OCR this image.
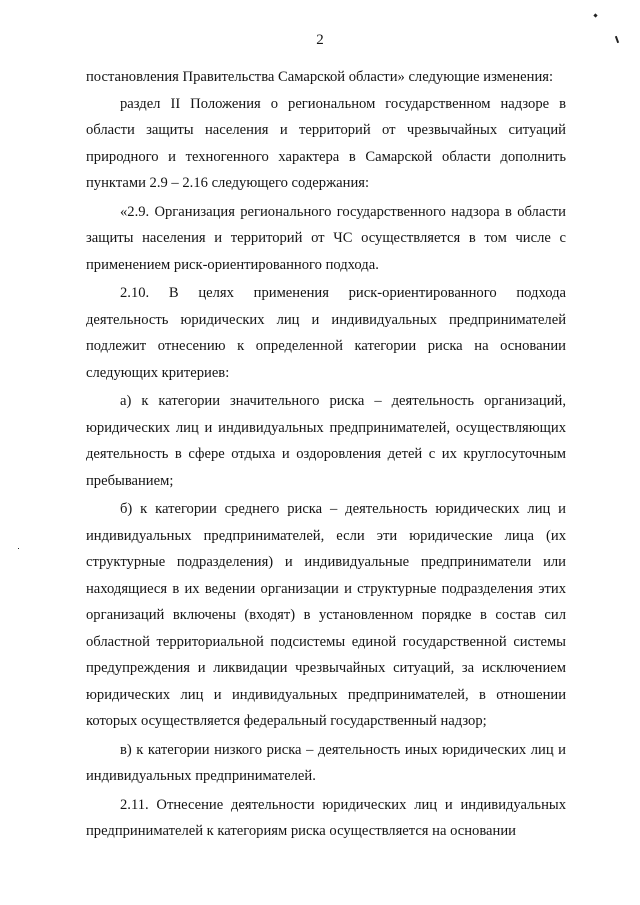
2

постановления Правительства Самарской области» следующие изменения:

раздел II Положения о региональном государственном надзоре в области защиты населения и территорий от чрезвычайных ситуаций природного и техногенного характера в Самарской области дополнить пунктами 2.9 – 2.16 следующего содержания:

«2.9. Организация регионального государственного надзора в области защиты населения и территорий от ЧС осуществляется в том числе с применением риск-ориентированного подхода.

2.10. В целях применения риск-ориентированного подхода деятельность юридических лиц и индивидуальных предпринимателей подлежит отнесению к определенной категории риска на основании следующих критериев:

а) к категории значительного риска – деятельность организаций, юридических лиц и индивидуальных предпринимателей, осуществляющих деятельность в сфере отдыха и оздоровления детей с их круглосуточным пребыванием;

б) к категории среднего риска – деятельность юридических лиц и индивидуальных предпринимателей, если эти юридические лица (их структурные подразделения) и индивидуальные предприниматели или находящиеся в их ведении организации и структурные подразделения этих организаций включены (входят) в установленном порядке в состав сил областной территориальной подсистемы единой государственной системы предупреждения и ликвидации чрезвычайных ситуаций, за исключением юридических лиц и индивидуальных предпринимателей, в отношении которых осуществляется федеральный государственный надзор;

в) к категории низкого риска – деятельность иных юридических лиц и индивидуальных предпринимателей.

2.11. Отнесение деятельности юридических лиц и индивидуальных предпринимателей к категориям риска осуществляется на основании
